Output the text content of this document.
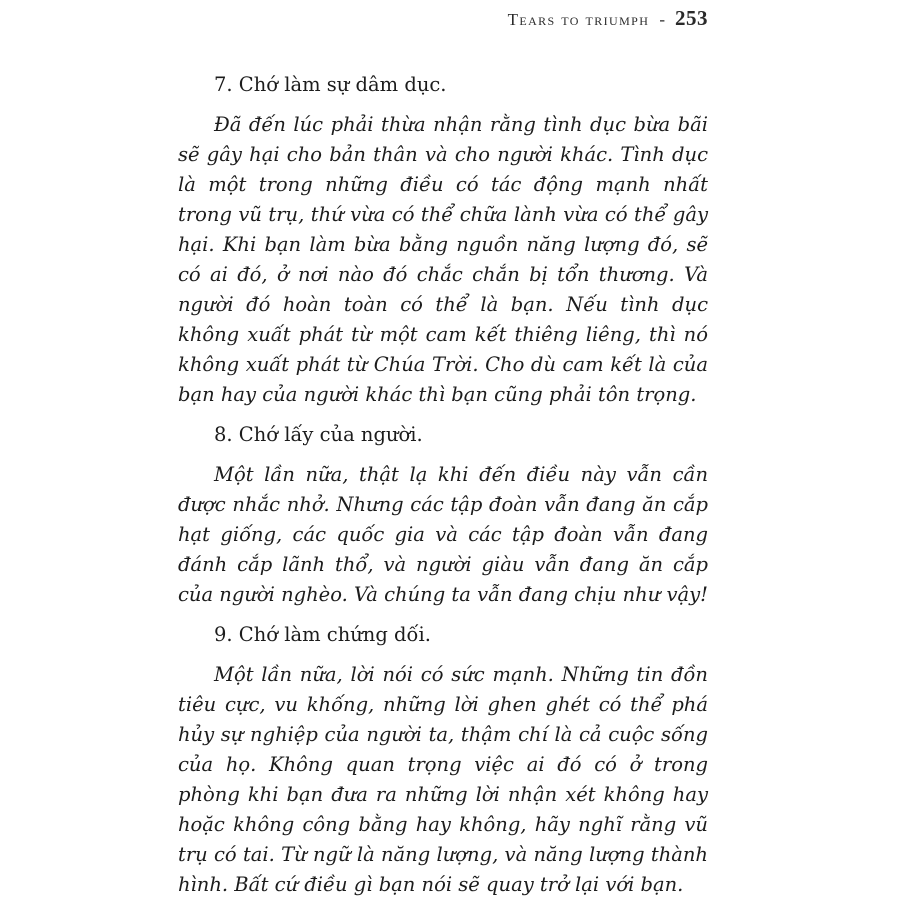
Tears to triumph - 253

7. Chớ làm sự dâm dục.

Đã đến lúc phải thừa nhận rằng tình dục bừa bãi sẽ gây hại cho bản thân và cho người khác. Tình dục là một trong những điều có tác động mạnh nhất trong vũ trụ, thứ vừa có thể chữa lành vừa có thể gây hại. Khi bạn làm bừa bằng nguồn năng lượng đó, sẽ có ai đó, ở nơi nào đó chắc chắn bị tổn thương. Và người đó hoàn toàn có thể là bạn. Nếu tình dục không xuất phát từ một cam kết thiêng liêng, thì nó không xuất phát từ Chúa Trời. Cho dù cam kết là của bạn hay của người khác thì bạn cũng phải tôn trọng.

8. Chớ lấy của người.

Một lần nữa, thật lạ khi đến điều này vẫn cần được nhắc nhở. Nhưng các tập đoàn vẫn đang ăn cắp hạt giống, các quốc gia và các tập đoàn vẫn đang đánh cắp lãnh thổ, và người giàu vẫn đang ăn cắp của người nghèo. Và chúng ta vẫn đang chịu như vậy!

9. Chớ làm chứng dối.

Một lần nữa, lời nói có sức mạnh. Những tin đồn tiêu cực, vu khống, những lời ghen ghét có thể phá hủy sự nghiệp của người ta, thậm chí là cả cuộc sống của họ. Không quan trọng việc ai đó có ở trong phòng khi bạn đưa ra những lời nhận xét không hay hoặc không công bằng hay không, hãy nghĩ rằng vũ trụ có tai. Từ ngữ là năng lượng, và năng lượng thành hình. Bất cứ điều gì bạn nói sẽ quay trở lại với bạn.
